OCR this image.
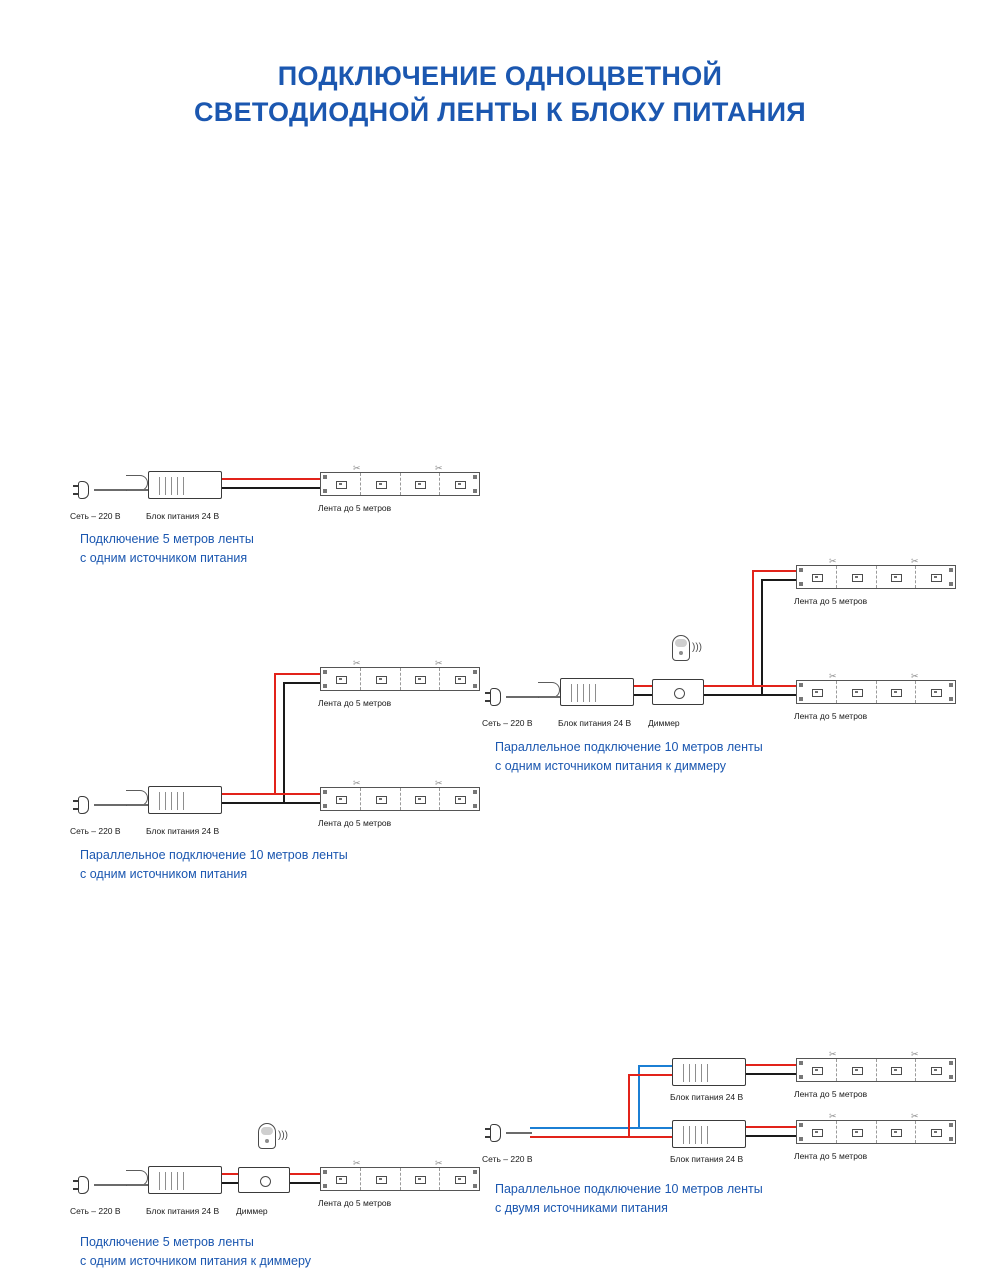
ПОДКЛЮЧЕНИЕ ОДНОЦВЕТНОЙ
СВЕТОДИОДНОЙ ЛЕНТЫ К БЛОКУ ПИТАНИЯ
Сеть – 220 В	Блок питания 24 В
✂	✂
Лента до 5 метров
Подключение 5 метров ленты
с одним источником питания
Сеть – 220 В	Блок питания 24 В
✂	✂
Лента до 5 метров
✂	✂
Лента до 5 метров
Параллельное подключение 10 метров ленты
с одним источником питания
Сеть – 220 В	Блок питания 24 В Диммер
)))
✂	✂
Лента до 5 метров
Подключение 5 метров ленты
с одним источником питания к диммеру
Сеть – 220 В	Блок питания 24 В Диммер
)))
✂	✂
Лента до 5 метров
✂	✂
Лента до 5 метров
Параллельное подключение 10 метров ленты
с одним источником питания к диммеру
Сеть – 220 В
Блок питания 24 В
Блок питания 24 В
✂	✂
Лента до 5 метров
✂	✂
Лента до 5 метров
Параллельное подключение 10 метров ленты
с двумя источниками питания
